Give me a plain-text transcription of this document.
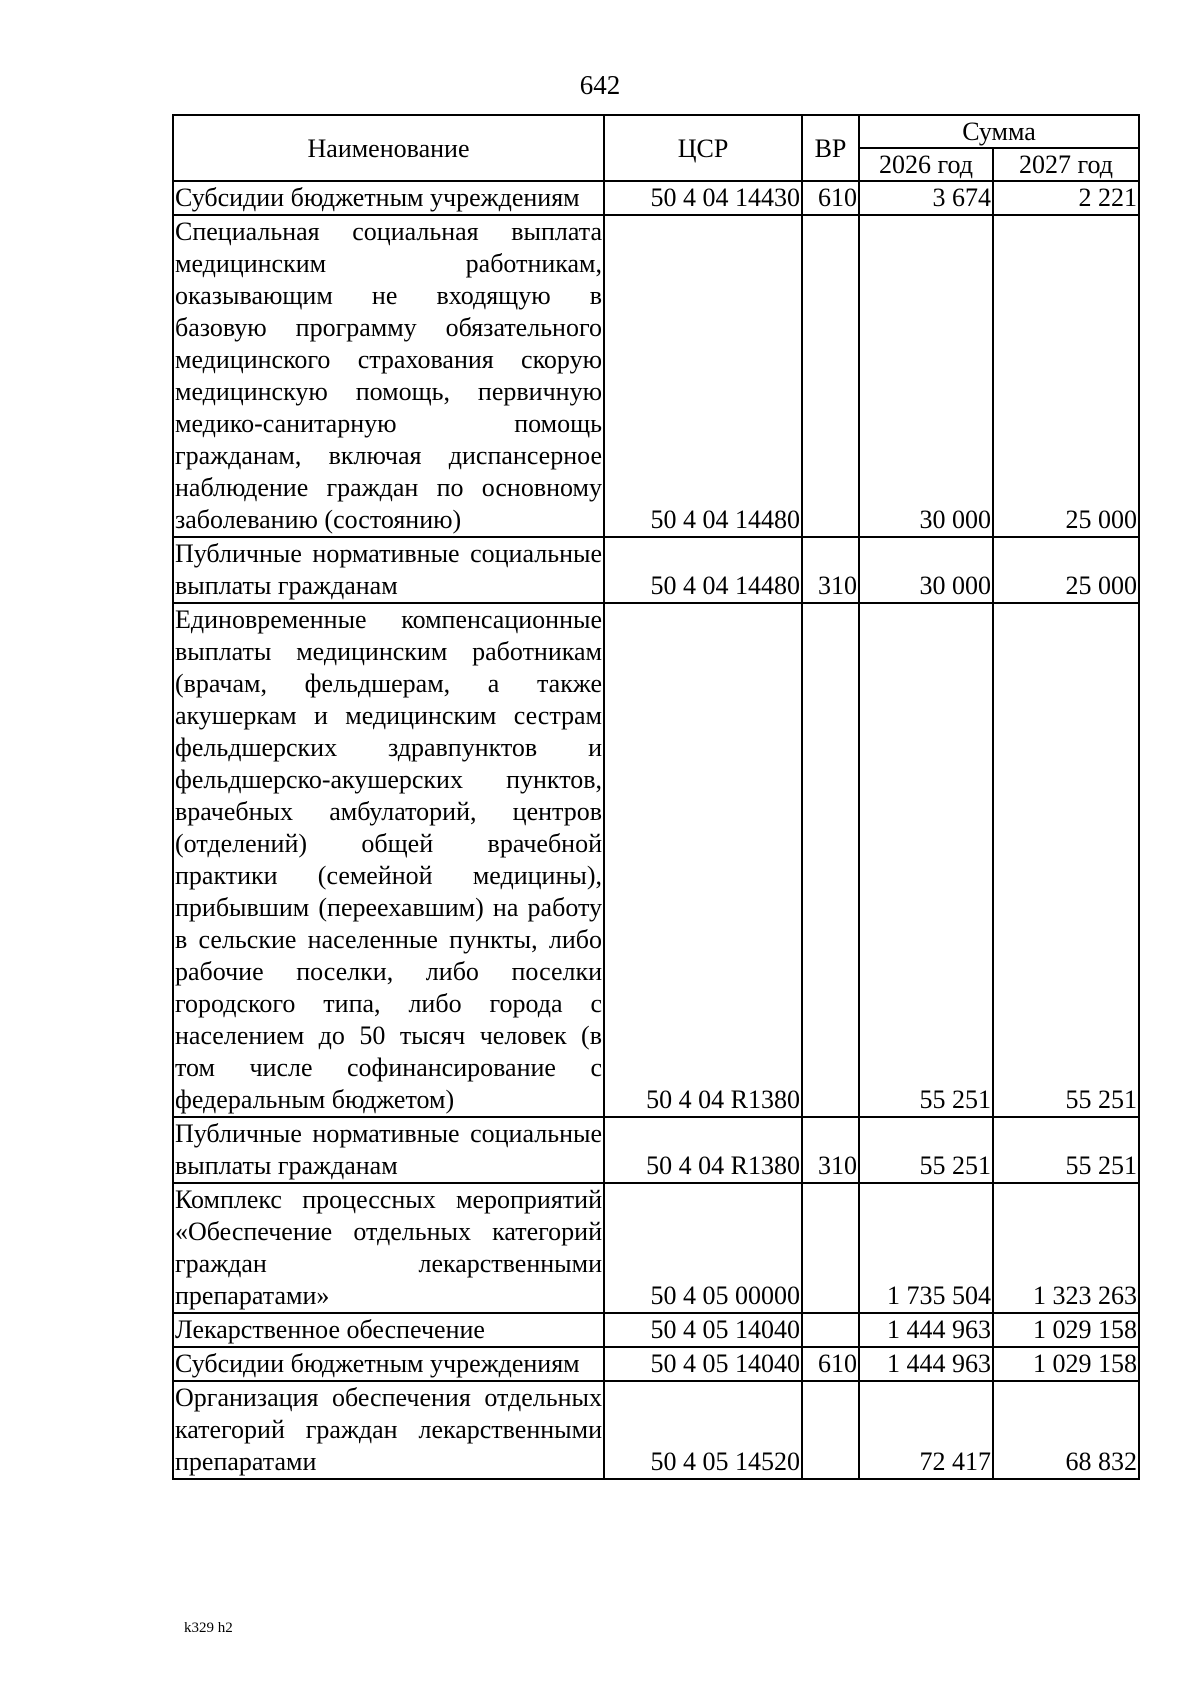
642
Наименование	ЦСР	ВР	Сумма	
			2026 год	2027 год
Субсидии бюджетным учреждениям	50 4 04 14430	610	3 674	2 221
Специальная социальная выплата медицинским работникам, оказывающим не входящую в базовую программу обязательного медицинского страхования скорую медицинскую помощь, первичную медико-санитарную помощь гражданам, включая диспансерное наблюдение граждан по основному заболеванию (состоянию)	50 4 04 14480		30 000	25 000
Публичные нормативные социальные выплаты гражданам	50 4 04 14480	310	30 000	25 000
Единовременные компенсационные выплаты медицинским работникам (врачам, фельдшерам, а также акушеркам и медицинским сестрам фельдшерских здравпунктов и фельдшерско-акушерских пунктов, врачебных амбулаторий, центров (отделений) общей врачебной практики (семейной медицины), прибывшим (переехавшим) на работу в сельские населенные пункты, либо рабочие поселки, либо поселки городского типа, либо города с населением до 50 тысяч человек (в том числе софинансирование с федеральным бюджетом)	50 4 04 R1380		55 251	55 251
Публичные нормативные социальные выплаты гражданам	50 4 04 R1380	310	55 251	55 251
Комплекс процессных мероприятий «Обеспечение отдельных категорий граждан лекарственными препаратами»	50 4 05 00000		1 735 504	1 323 263
Лекарственное обеспечение	50 4 05 14040		1 444 963	1 029 158
Субсидии бюджетным учреждениям	50 4 05 14040	610	1 444 963	1 029 158
Организация обеспечения отдельных категорий граждан лекарственными препаратами	50 4 05 14520		72 417	68 832
k329 h2
